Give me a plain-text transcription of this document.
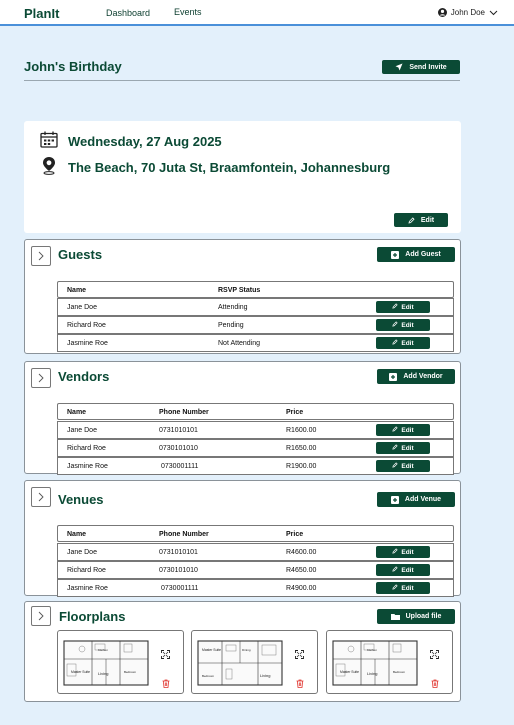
PlanIt	Dashboard	Events	John Doe
John's Birthday	Send Invite
Wednesday, 27 Aug 2025
The Beach, 70 Juta St, Braamfontein, Johannesburg
Edit
Guests	Add Guest
Name	RSVP Status
Jane Doe	Attending	Edit
Richard Roe	Pending	Edit
Jasmine Roe	Not Attending	Edit
Vendors	Add Vendor
Name	Phone Number	Price
Jane Doe	0731010101	R1600.00	Edit
Richard Roe	0730101010	R1650.00	Edit
Jasmine Roe	0730001111	R1900.00	Edit
Venues	Add Venue
Name	Phone Number	Price
Jane Doe	0731010101	R4600.00	Edit
Richard Roe	0730101010	R4650.00	Edit
Jasmine Roe	0730001111	R4900.00	Edit
Floorplans	Upload file
Master Suite Living	Bedroom
Kitchen	Master Suite
Living
Bedroom
Dining
Master Suite Living	Bedroom
Kitchen
